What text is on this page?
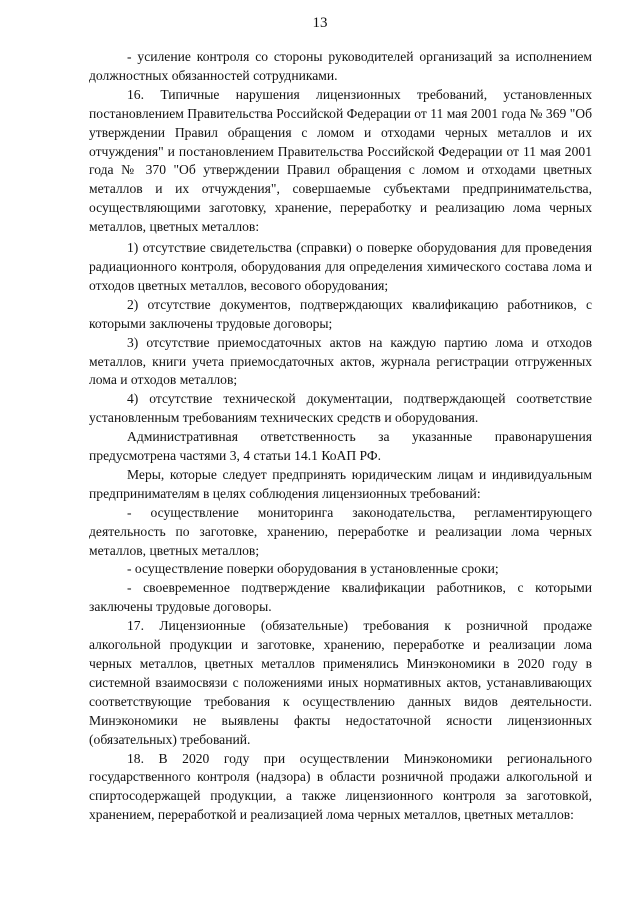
13

- усиление контроля со стороны руководителей организаций за исполнением должностных обязанностей сотрудниками.

16. Типичные нарушения лицензионных требований, установленных постановлением Правительства Российской Федерации от 11 мая 2001 года № 369 "Об утверждении Правил обращения с ломом и отходами черных металлов и их отчуждения" и постановлением Правительства Российской Федерации от 11 мая 2001 года № 370 "Об утверждении Правил обращения с ломом и отходами цветных металлов и их отчуждения", совершаемые субъектами предпринимательства, осуществляющими заготовку, хранение, переработку и реализацию лома черных металлов, цветных металлов:

1) отсутствие свидетельства (справки) о поверке оборудования для проведения радиационного контроля, оборудования для определения химического состава лома и отходов цветных металлов, весового оборудования;

2) отсутствие документов, подтверждающих квалификацию работников, с которыми заключены трудовые договоры;

3) отсутствие приемосдаточных актов на каждую партию лома и отходов металлов, книги учета приемосдаточных актов, журнала регистрации отгруженных лома и отходов металлов;

4) отсутствие технической документации, подтверждающей соответствие установленным требованиям технических средств и оборудования.

Административная ответственность за указанные правонарушения предусмотрена частями 3, 4 статьи 14.1 КоАП РФ.

Меры, которые следует предпринять юридическим лицам и индивидуальным предпринимателям в целях соблюдения лицензионных требований:

- осуществление мониторинга законодательства, регламентирующего деятельность по заготовке, хранению, переработке и реализации лома черных металлов, цветных металлов;

- осуществление поверки оборудования в установленные сроки;

- своевременное подтверждение квалификации работников, с которыми заключены трудовые договоры.

17. Лицензионные (обязательные) требования к розничной продаже алкогольной продукции и заготовке, хранению, переработке и реализации лома черных металлов, цветных металлов применялись Минэкономики в 2020 году в системной взаимосвязи с положениями иных нормативных актов, устанавливающих соответствующие требования к осуществлению данных видов деятельности. Минэкономики не выявлены факты недостаточной ясности лицензионных (обязательных) требований.

18. В 2020 году при осуществлении Минэкономики регионального государственного контроля (надзора) в области розничной продажи алкогольной и спиртосодержащей продукции, а также лицензионного контроля за заготовкой, хранением, переработкой и реализацией лома черных металлов, цветных металлов:
